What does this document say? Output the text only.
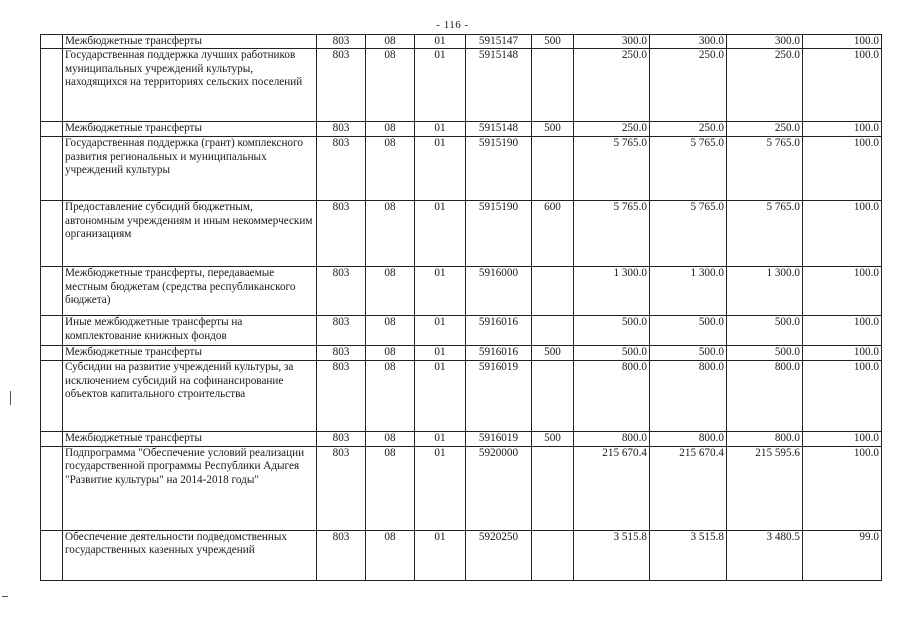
- 116 -
	Межбюджетные трансферты	803	08	01	5915147	500	300.0	300.0	300.0	100.0
	Государственная поддержка лучших работников муниципальных учреждений культуры, находящихся на территориях сельских поселений	803	08	01	5915148		250.0	250.0	250.0	100.0
	Межбюджетные трансферты	803	08	01	5915148	500	250.0	250.0	250.0	100.0
	Государственная поддержка (грант) комплексного развития региональных и муниципальных учреждений культуры	803	08	01	5915190		5 765.0	5 765.0	5 765.0	100.0
	Предоставление субсидий бюджетным, автономным учреждениям и иным некоммерческим организациям	803	08	01	5915190	600	5 765.0	5 765.0	5 765.0	100.0
	Межбюджетные трансферты, передаваемые местным бюджетам (средства республиканского бюджета)	803	08	01	5916000		1 300.0	1 300.0	1 300.0	100.0
	Иные межбюджетные трансферты на комплектование книжных фондов	803	08	01	5916016		500.0	500.0	500.0	100.0
	Межбюджетные трансферты	803	08	01	5916016	500	500.0	500.0	500.0	100.0
	Субсидии на развитие учреждений культуры, за исключением субсидий на софинансирование объектов капитального строительства	803	08	01	5916019		800.0	800.0	800.0	100.0
	Межбюджетные трансферты	803	08	01	5916019	500	800.0	800.0	800.0	100.0
	Подпрограмма "Обеспечение условий реализации государственной программы Республики Адыгея "Развитие культуры" на 2014-2018 годы"	803	08	01	5920000		215 670.4	215 670.4	215 595.6	100.0
	Обеспечение деятельности подведомственных государственных казенных учреждений	803	08	01	5920250		3 515.8	3 515.8	3 480.5	99.0
